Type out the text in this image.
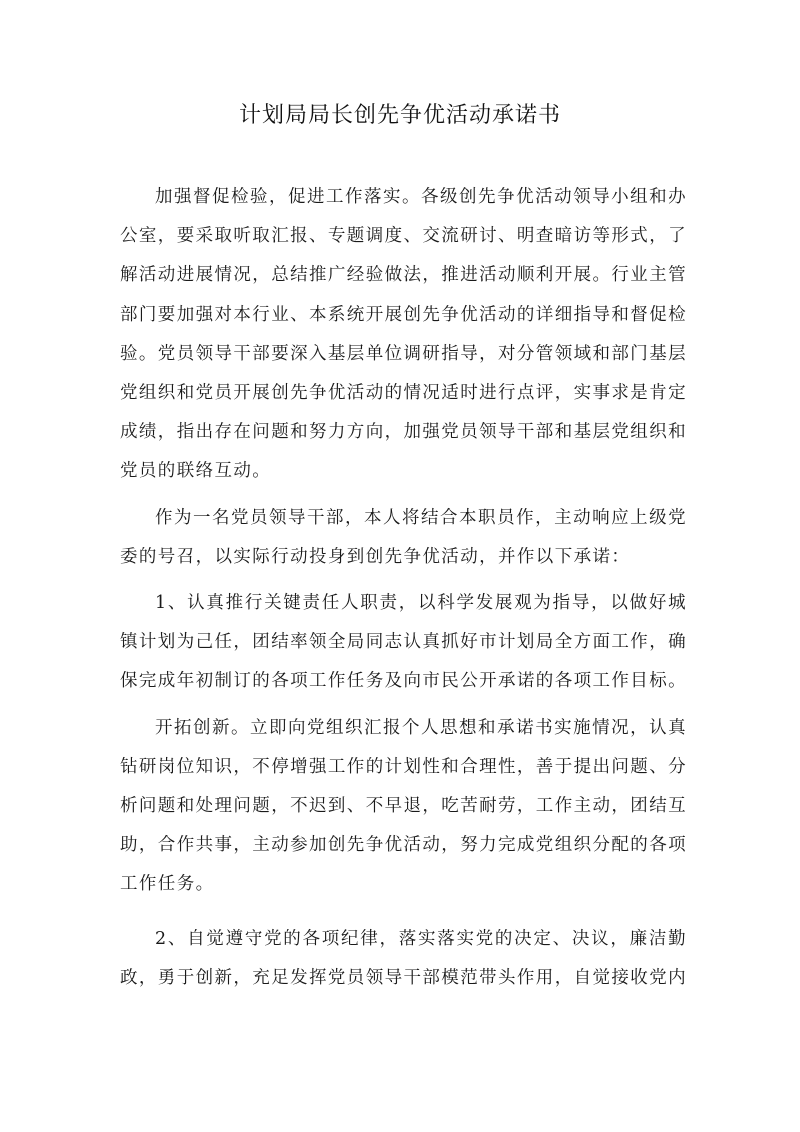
计划局局长创先争优活动承诺书

加强督促检验，促进工作落实。各级创先争优活动领导小组和办公室，要采取听取汇报、专题调度、交流研讨、明查暗访等形式，了解活动进展情况，总结推广经验做法，推进活动顺利开展。行业主管部门要加强对本行业、本系统开展创先争优活动的详细指导和督促检验。党员领导干部要深入基层单位调研指导，对分管领域和部门基层党组织和党员开展创先争优活动的情况适时进行点评，实事求是肯定成绩，指出存在问题和努力方向，加强党员领导干部和基层党组织和党员的联络互动。

作为一名党员领导干部，本人将结合本职员作，主动响应上级党委的号召，以实际行动投身到创先争优活动，并作以下承诺：

1、认真推行关键责任人职责，以科学发展观为指导，以做好城镇计划为己任，团结率领全局同志认真抓好市计划局全方面工作，确保完成年初制订的各项工作任务及向市民公开承诺的各项工作目标。

开拓创新。立即向党组织汇报个人思想和承诺书实施情况，认真钻研岗位知识，不停增强工作的计划性和合理性，善于提出问题、分析问题和处理问题，不迟到、不早退，吃苦耐劳，工作主动，团结互助，合作共事，主动参加创先争优活动，努力完成党组织分配的各项工作任务。

2、自觉遵守党的各项纪律，落实落实党的决定、决议，廉洁勤政，勇于创新，充足发挥党员领导干部模范带头作用，自觉接收党内
